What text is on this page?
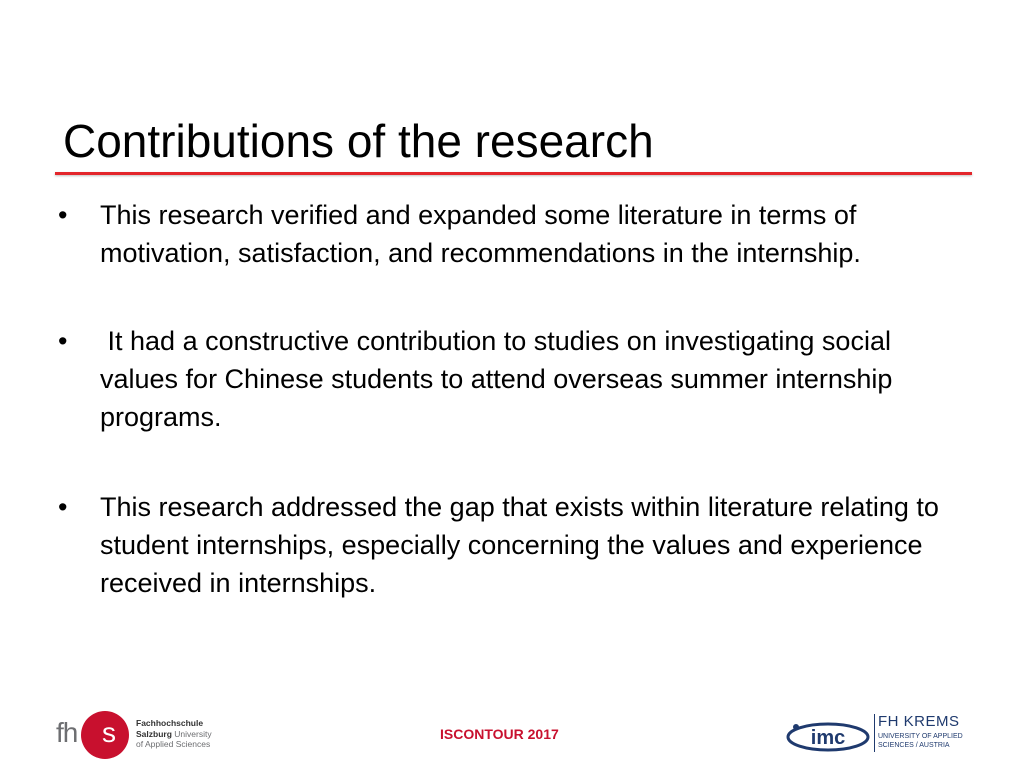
Contributions of the research
• This research verified and expanded some literature in terms of motivation, satisfaction, and recommendations in the internship.
• It had a constructive contribution to studies on investigating social values for Chinese students to attend overseas summer internship programs.
• This research addressed the gap that exists within literature relating to student internships, especially concerning the values and experience received in internships.
fh s Fachhochschule
Salzburg University
of Applied Sciences
ISCONTOUR 2017	imc
FH KREMS
UNIVERSITY OF APPLIED
SCIENCES / AUSTRIA
